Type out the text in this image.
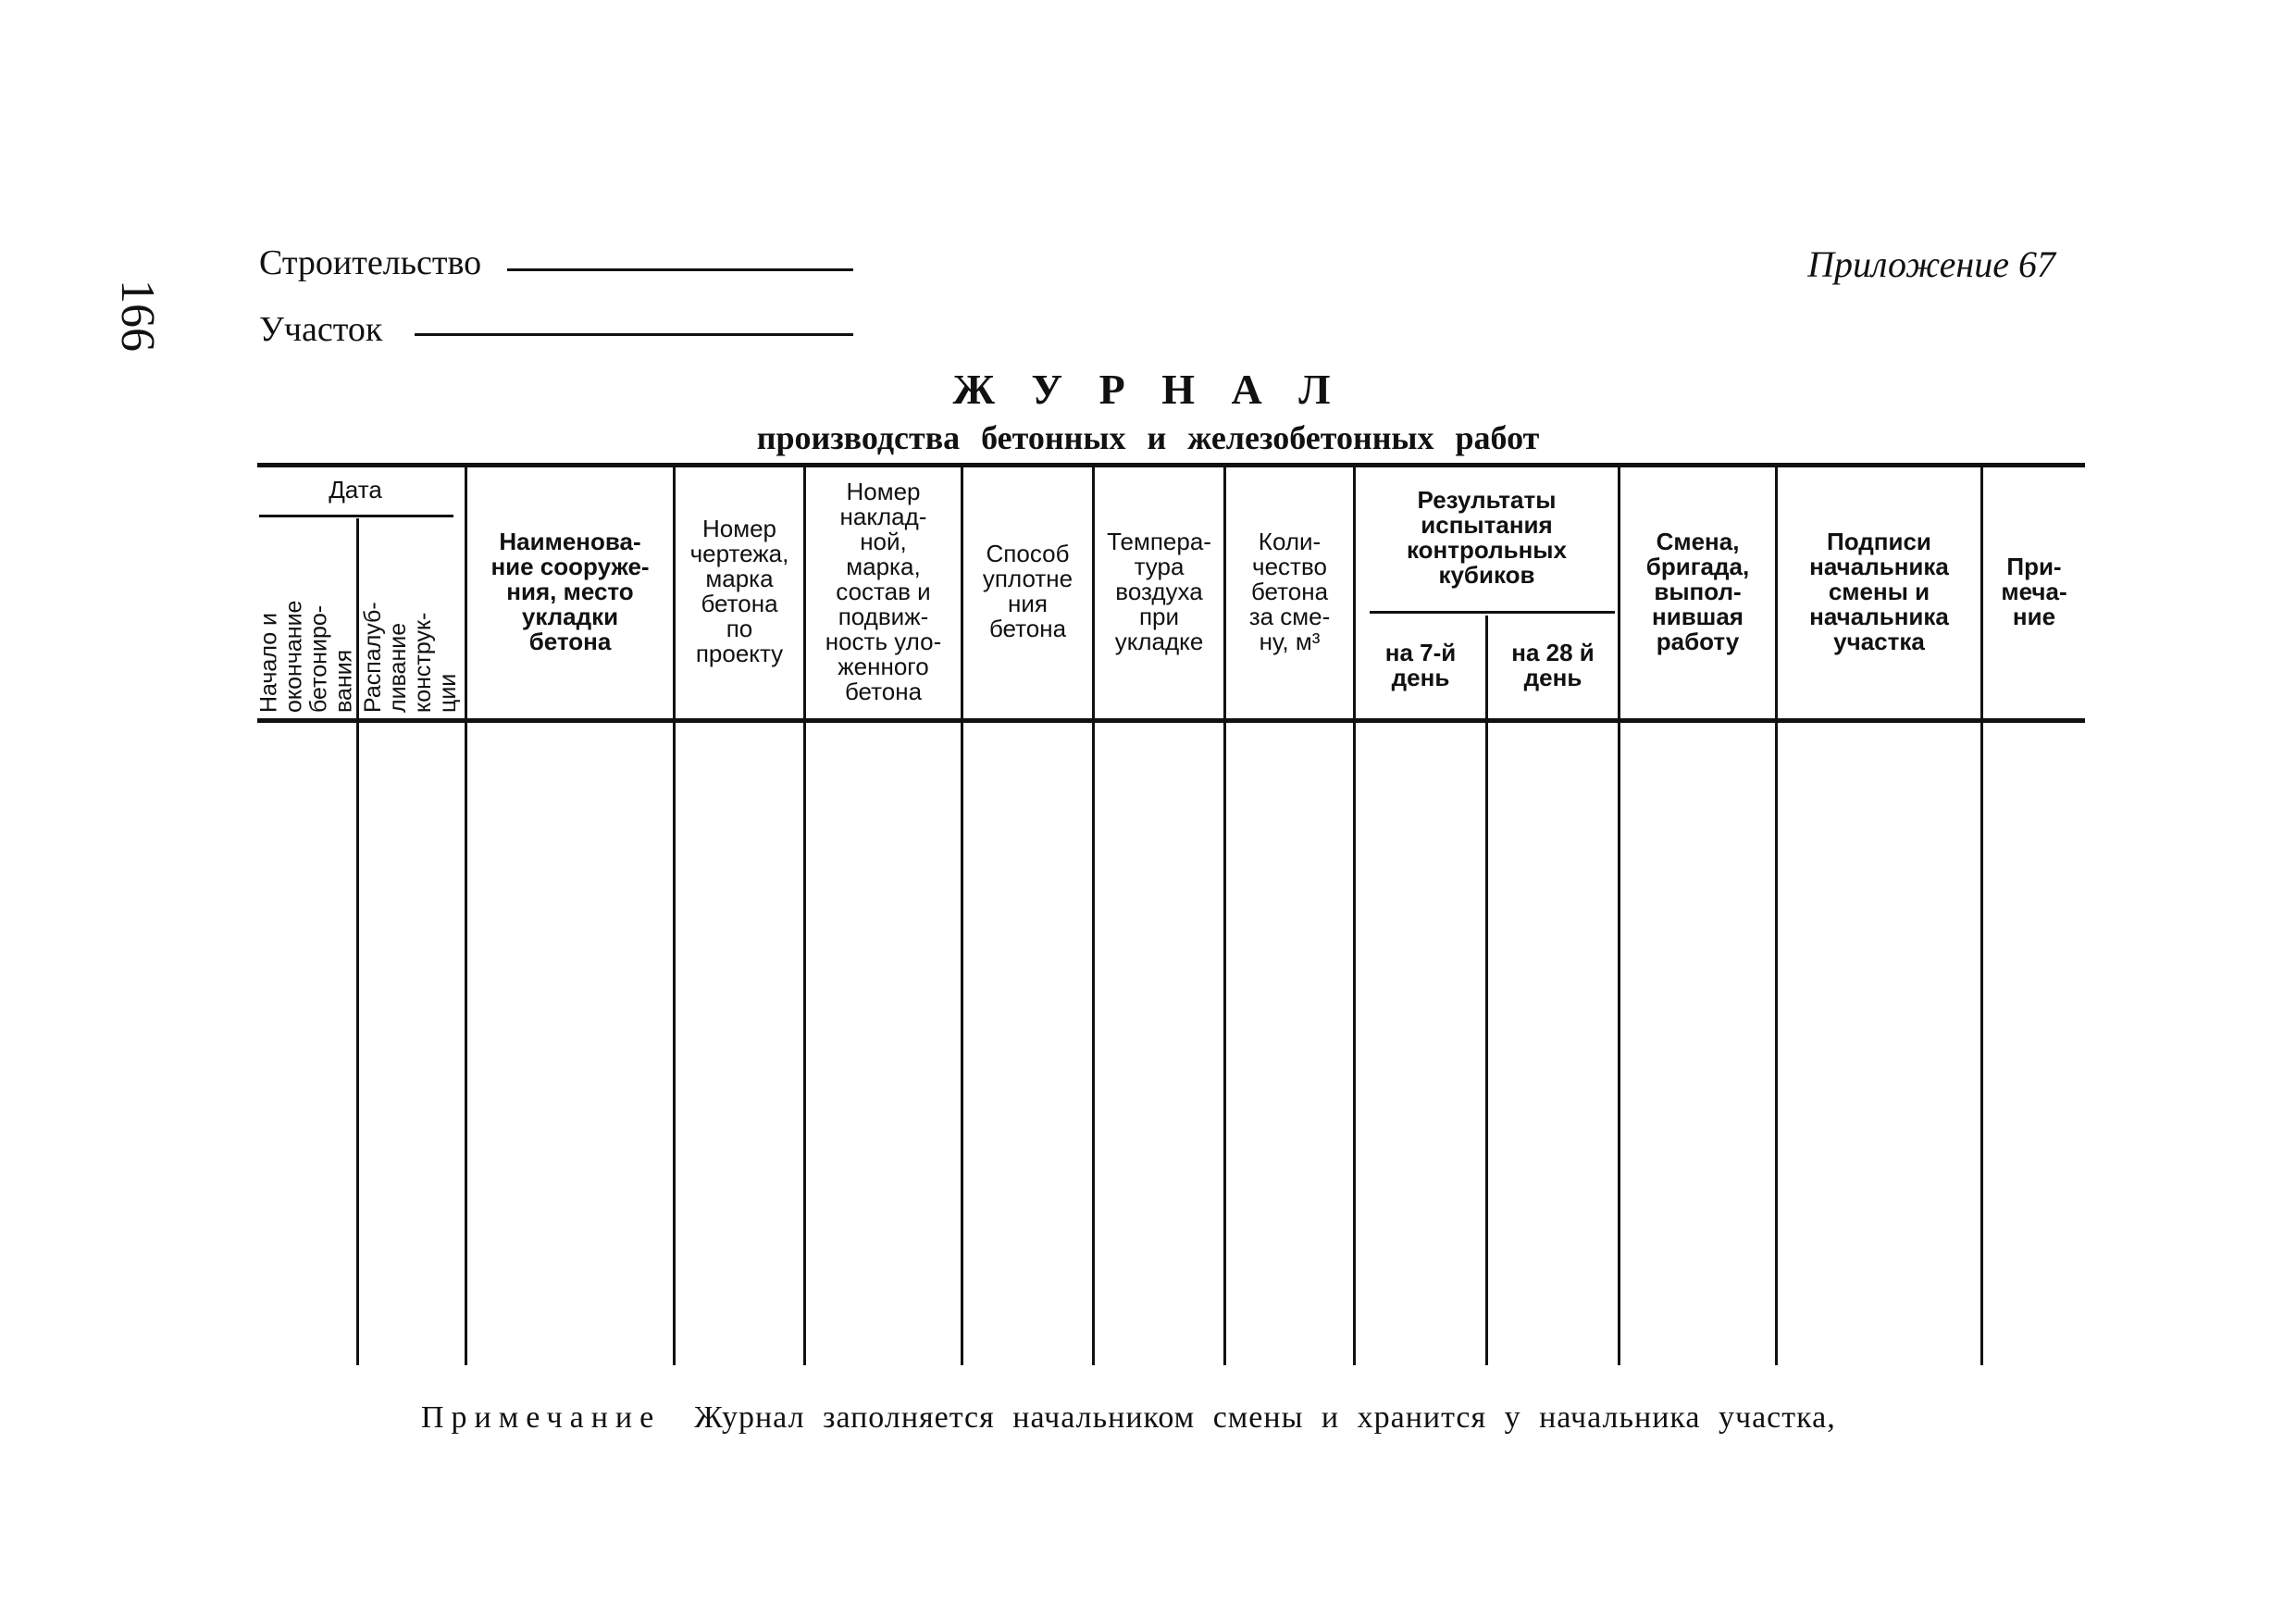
166
Строительство
Участок
Приложение 67
Ж У Р Н А Л
производства бетонных и железобетонных работ
Дата
Начало и
окончание
бетониро-
вания Распалуб-
ливание
конструк-
ции
Наименова-
ние сооруже-
ния, место
укладки
бетона
Номер
чертежа,
марка
бетона
по
проекту
Номер
наклад-
ной,
марка,
состав и
подвиж-
ность уло-
женного
бетона
Способ
уплотне
ния
бетона
Темпера-
тура
воздуха
при
укладке
Коли-
чество
бетона
за сме-
ну, м³
Результаты
испытания
контрольных
кубиков
на 7-й
день
на 28 й
день
Смена,
бригада,
выпол-
нившая
работу
Подписи
начальника
смены и
начальника
участка
При-
меча-
ние
Примечание Журнал заполняется начальником смены и хранится у начальника участка,
